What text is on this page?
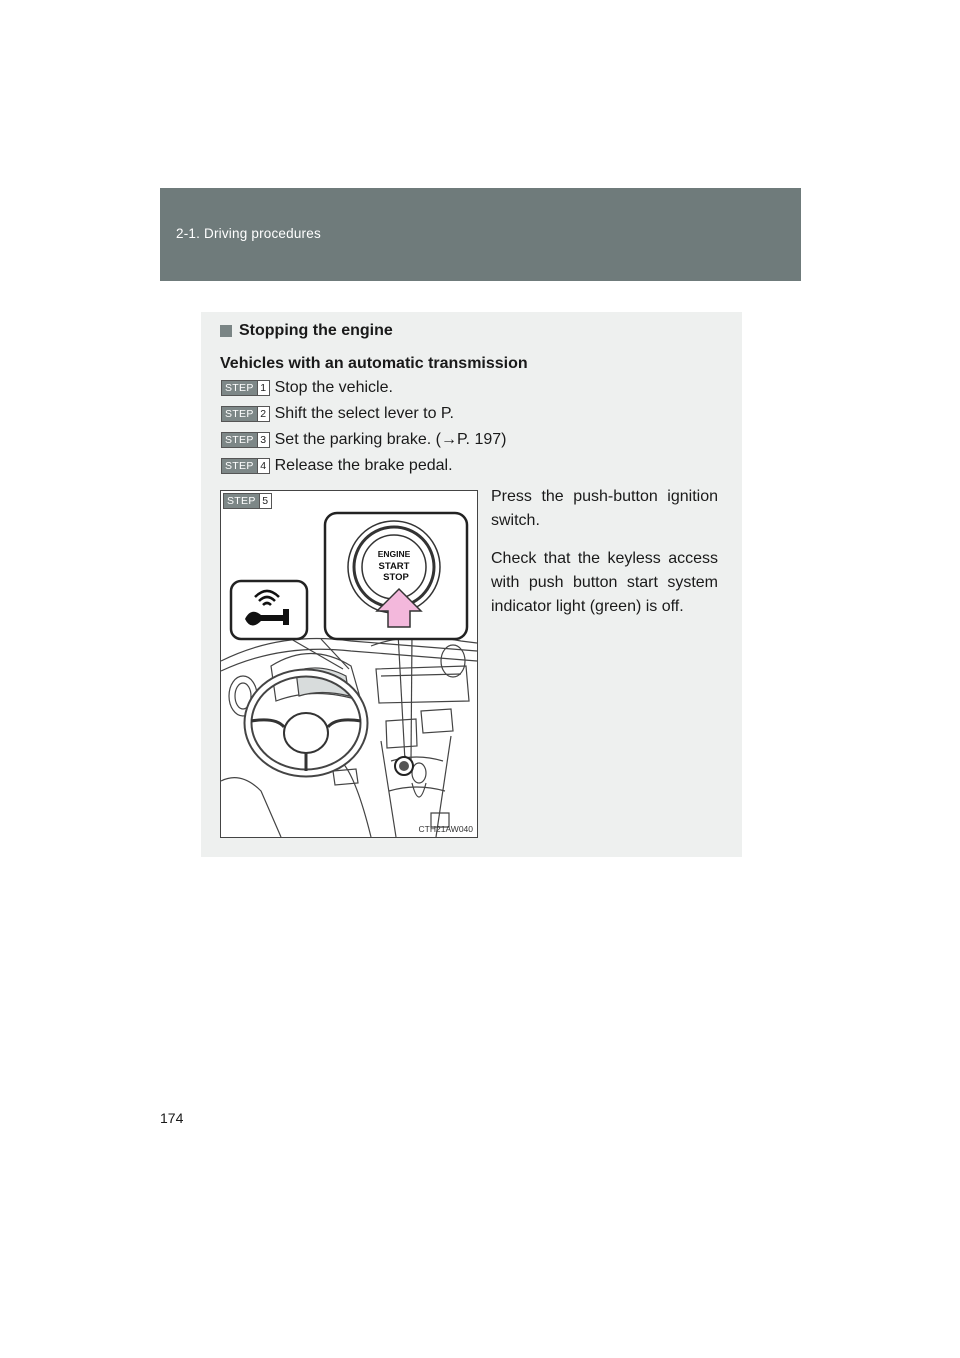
2-1. Driving procedures
Stopping the engine
Vehicles with an automatic transmission
STEP 1 Stop the vehicle.
STEP 2 Shift the select lever to P.
STEP 3 Set the parking brake. (→P. 197)
STEP 4 Release the brake pedal.
ENGINE
START
STOP
STEP 5
CTH21AW040
Press the push-button ignition switch.
Check that the keyless access with push button start system indicator light (green) is off.
174
